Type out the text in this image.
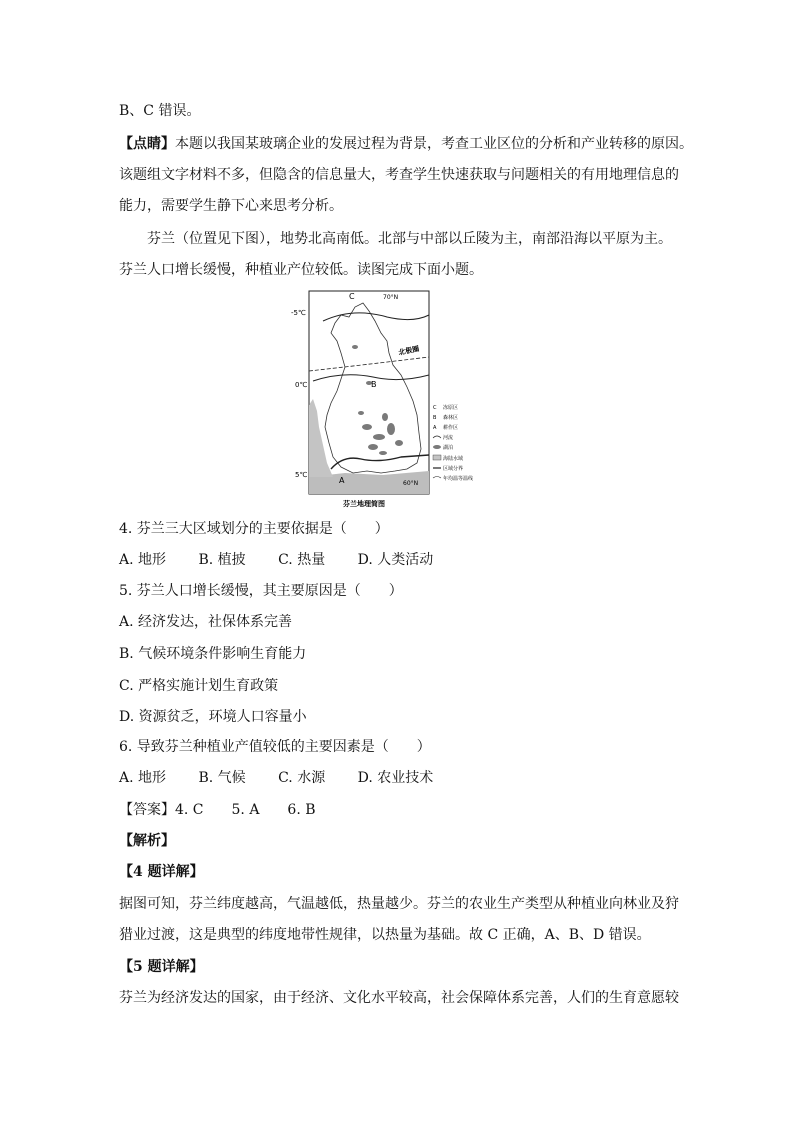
B、C 错误。
【点睛】本题以我国某玻璃企业的发展过程为背景，考查工业区位的分析和产业转移的原因。
该题组文字材料不多，但隐含的信息量大，考查学生快速获取与问题相关的有用地理信息的
能力，需要学生静下心来思考分析。
芬兰（位置见下图），地势北高南低。北部与中部以丘陵为主，南部沿海以平原为主。
芬兰人口增长缓慢，种植业产位较低。读图完成下面小题。
-5℃
0℃
5℃
70°N
60°N
北极圈
C
B
A
C 冻原区
B 森林区
A 耕作区
河流
湖泊
海陆水域
区域分界
年均温等温线
芬兰地理简图
4. 芬兰三大区域划分的主要依据是（　　）
A. 地形　　 B. 植披　　 C. 热量　　 D. 人类活动
5. 芬兰人口增长缓慢，其主要原因是（　　）
A. 经济发达，社保体系完善
B. 气候环境条件影响生育能力
C. 严格实施计划生育政策
D. 资源贫乏，环境人口容量小
6. 导致芬兰种植业产值较低的主要因素是（　　）
A. 地形　　 B. 气候　　 C. 水源　　 D. 农业技术
【答案】4. C　　5. A　　6. B
【解析】
【4 题详解】
据图可知，芬兰纬度越高，气温越低，热量越少。芬兰的农业生产类型从种植业向林业及狩
猎业过渡，这是典型的纬度地带性规律，以热量为基础。故 C 正确，A、B、D 错误。
【5 题详解】
芬兰为经济发达的国家，由于经济、文化水平较高，社会保障体系完善，人们的生育意愿较
